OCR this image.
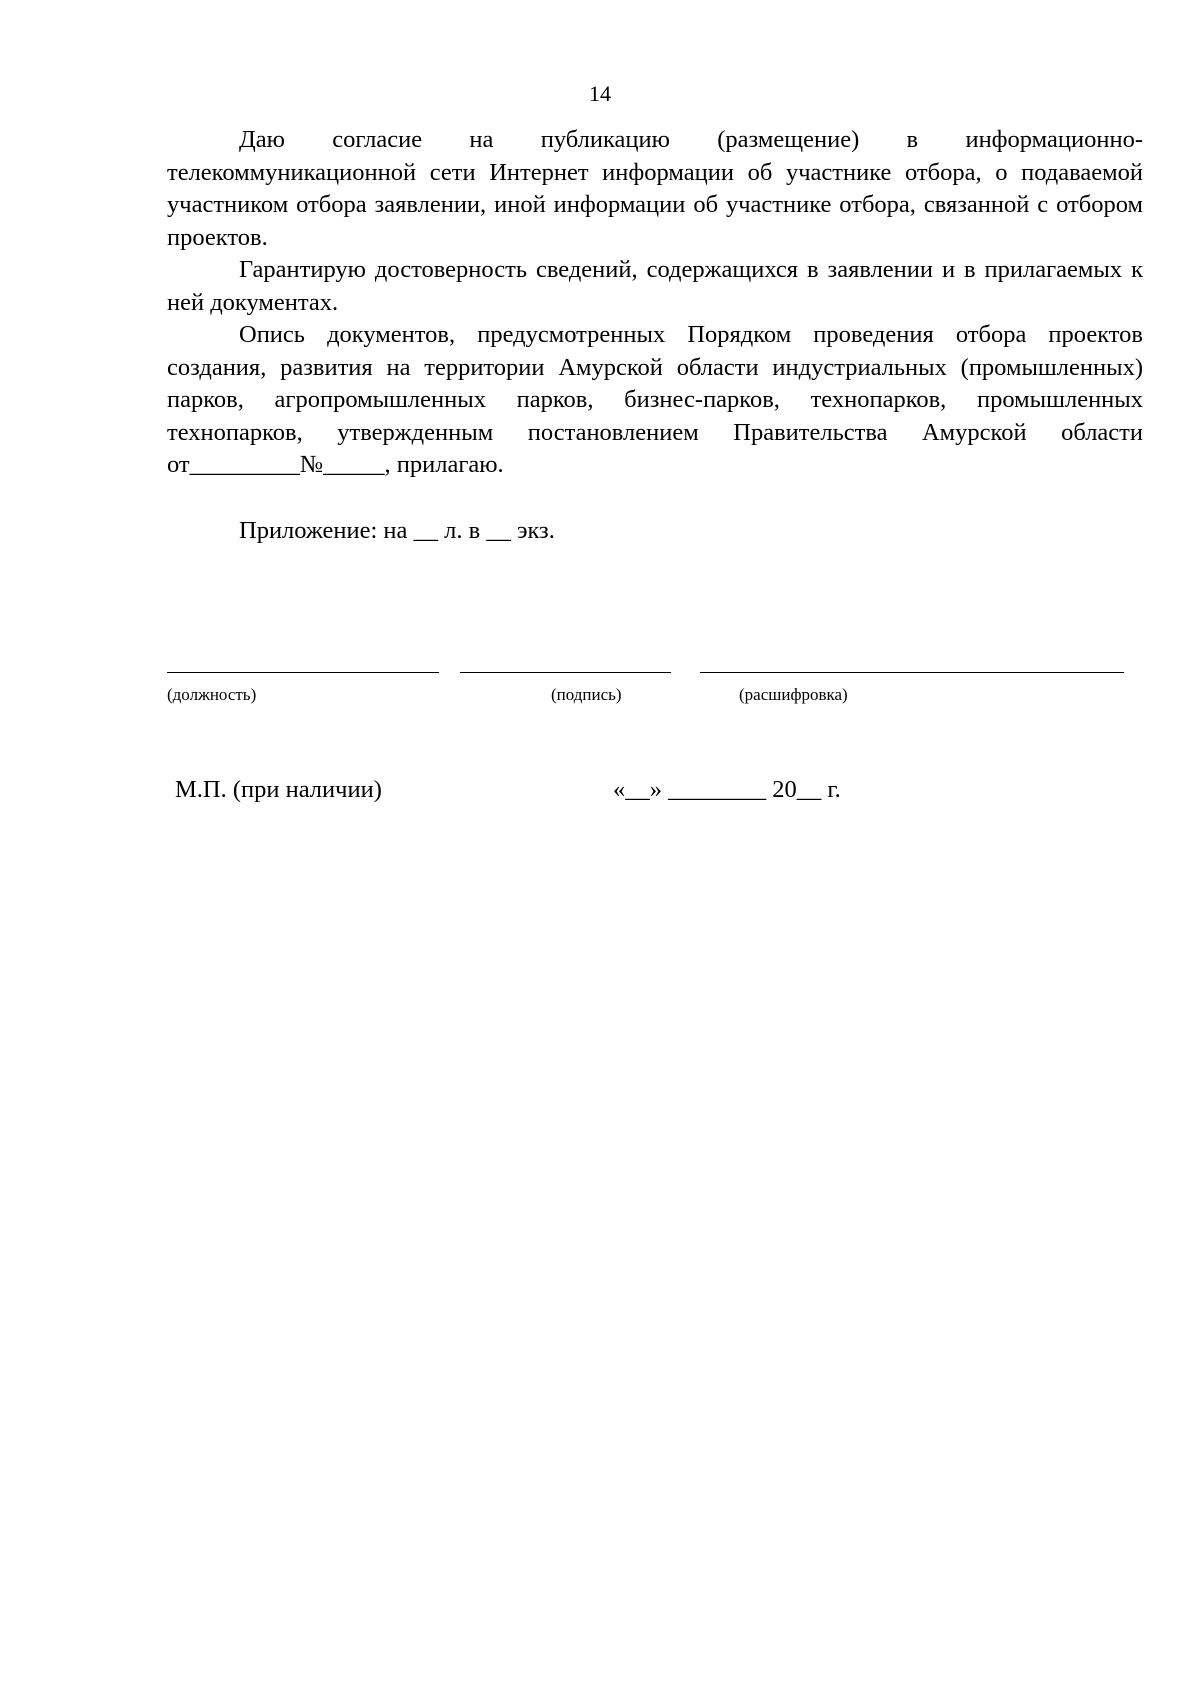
14

Даю согласие на публикацию (размещение) в информационно-телекоммуникационной сети Интернет информации об участнике отбора, о подаваемой участником отбора заявлении, иной информации об участнике отбора, связанной с отбором проектов.

Гарантирую достоверность сведений, содержащихся в заявлении и в прилагаемых к ней документах.

Опись документов, предусмотренных Порядком проведения отбора проектов создания, развития на территории Амурской области индустриальных (промышленных) парков, агропромышленных парков, бизнес-парков, технопарков, промышленных технопарков, утвержденным постановлением Правительства Амурской области от_________№_____, прилагаю.

Приложение: на __ л. в __ экз.
(должность)	(подпись)	(расшифровка)
М.П. (при наличии)	«__» ________ 20__ г.
